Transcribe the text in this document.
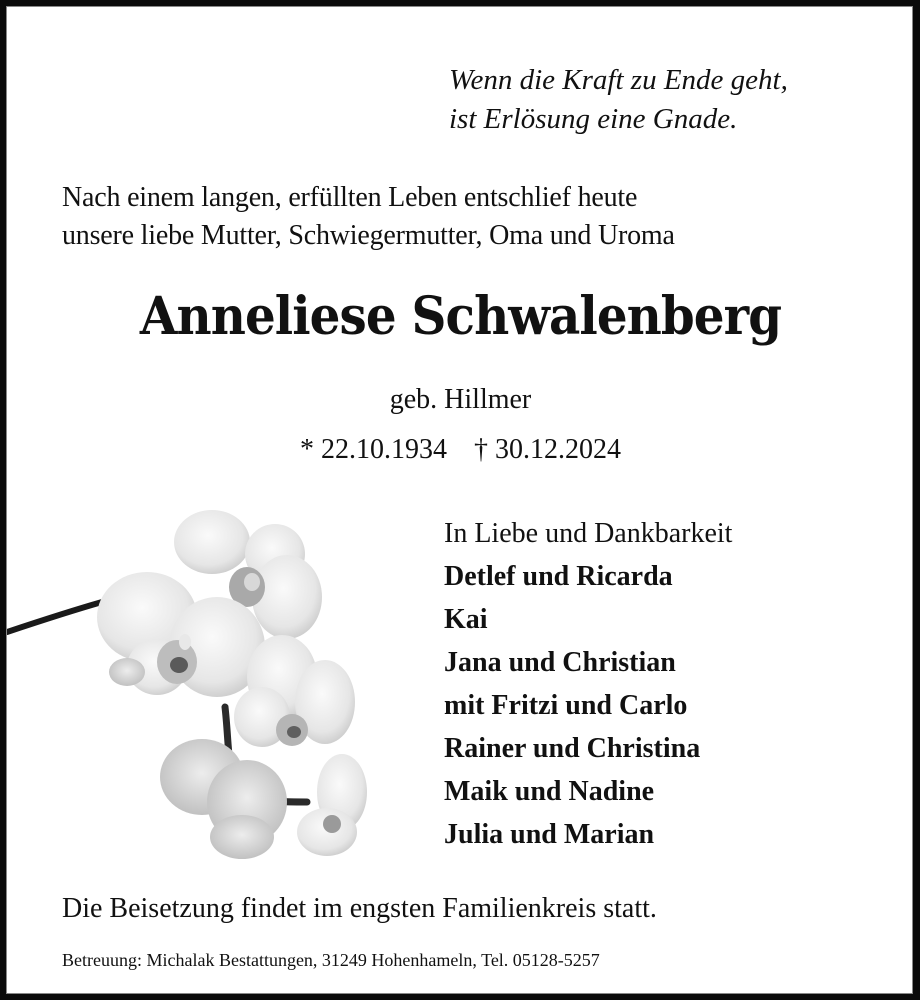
Wenn die Kraft zu Ende geht,
ist Erlösung eine Gnade.
Nach einem langen, erfüllten Leben entschlief heute
unsere liebe Mutter, Schwiegermutter, Oma und Uroma
Anneliese Schwalenberg
geb. Hillmer
* 22.10.1934 † 30.12.2024
In Liebe und Dankbarkeit
Detlef und Ricarda
Kai
Jana und Christian
mit Fritzi und Carlo
Rainer und Christina
Maik und Nadine
Julia und Marian
Die Beisetzung findet im engsten Familienkreis statt.
Betreuung: Michalak Bestattungen, 31249 Hohenhameln, Tel. 05128-5257
